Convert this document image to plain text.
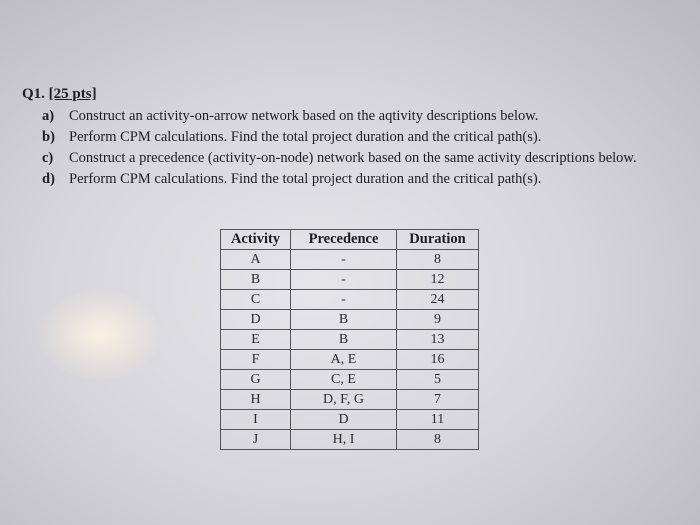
Q1. [25 pts]
a)	Construct an activity-on-arrow network based on the aqtivity descriptions below.
b) Perform CPM calculations. Find the total project duration and the critical path(s).
c)	Construct a precedence (activity-on-node) network based on the same activity descriptions below.
d) Perform CPM calculations. Find the total project duration and the critical path(s).
Activity	Precedence	Duration
A	-	8
B	-	12
C	-	24
D	B	9
E	B	13
F	A, E	16
G	C, E	5
H	D, F, G	7
I	D	11
J	H, I	8
